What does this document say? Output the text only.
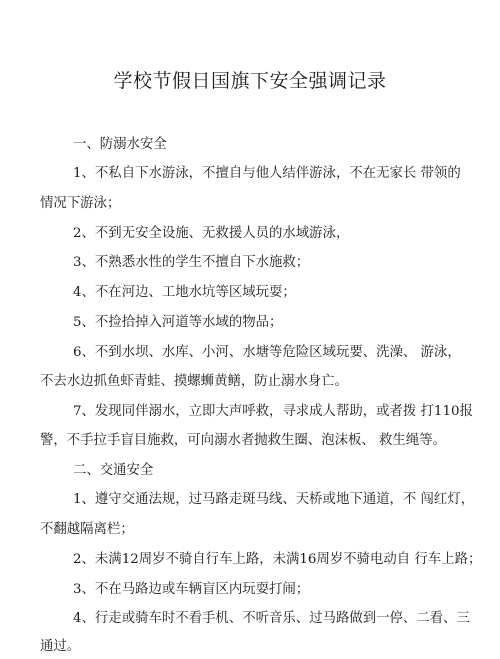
学校节假日国旗下安全强调记录
一、防溺水安全
1、不私自下水游泳，不擅自与他人结伴游泳，不在无家长 带领的
情况下游泳；
2、不到无安全设施、无救援人员的水域游泳，
3、不熟悉水性的学生不擅自下水施救；
4、不在河边、工地水坑等区域玩耍；
5、不捡拾掉入河道等水域的物品；
6、不到水坝、水库、小河、水塘等危险区域玩要、洗澡、 游泳，
不去水边抓鱼虾青蛙、摸螺蛳黄鳝，防止溺水身亡。
7、发现同伴溺水，立即大声呼救，寻求成人帮助，或者拨 打110报
警，不手拉手盲目施救，可向溺水者抛救生圈、泡沫板、 救生绳等。
二、交通安全
1、遵守交通法规，过马路走斑马线、天桥或地下通道，不 闯红灯，
不翻越隔离栏；
2、未满12周岁不骑自行车上路，未满16周岁不骑电动自 行车上路；
3、不在马路边或车辆盲区内玩耍打闹；
4、行走或骑车时不看手机、不听音乐、过马路做到一停、二看、三
通过。
